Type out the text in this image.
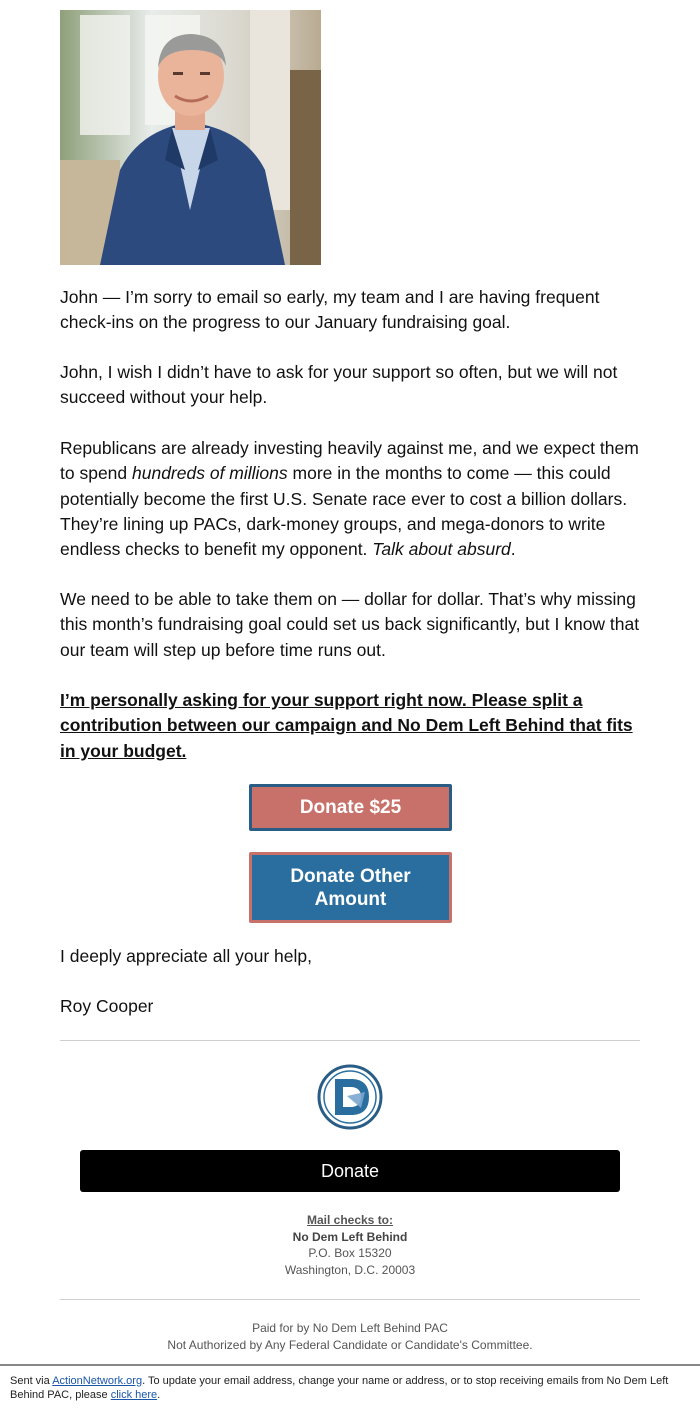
John — I’m sorry to email so early, my team and I are having frequent check-ins on the progress to our January fundraising goal.

John, I wish I didn’t have to ask for your support so often, but we will not succeed without your help.

Republicans are already investing heavily against me, and we expect them to spend hundreds of millions more in the months to come — this could potentially become the first U.S. Senate race ever to cost a billion dollars. They’re lining up PACs, dark-money groups, and mega-donors to write endless checks to benefit my opponent. Talk about absurd.

We need to be able to take them on — dollar for dollar. That’s why missing this month’s fundraising goal could set us back significantly, but I know that our team will step up before time runs out.

I’m personally asking for your support right now. Please split a contribution between our campaign and No Dem Left Behind that fits in your budget.

Donate $25
Donate Other Amount

I deeply appreciate all your help,

Roy Cooper

Donate
Mail checks to:
No Dem Left Behind
P.O. Box 15320
Washington, D.C. 20003
Paid for by No Dem Left Behind PAC
Not Authorized by Any Federal Candidate or Candidate's Committee.
Sent via ActionNetwork.org. To update your email address, change your name or address, or to stop receiving emails from No Dem Left Behind PAC, please click here.
